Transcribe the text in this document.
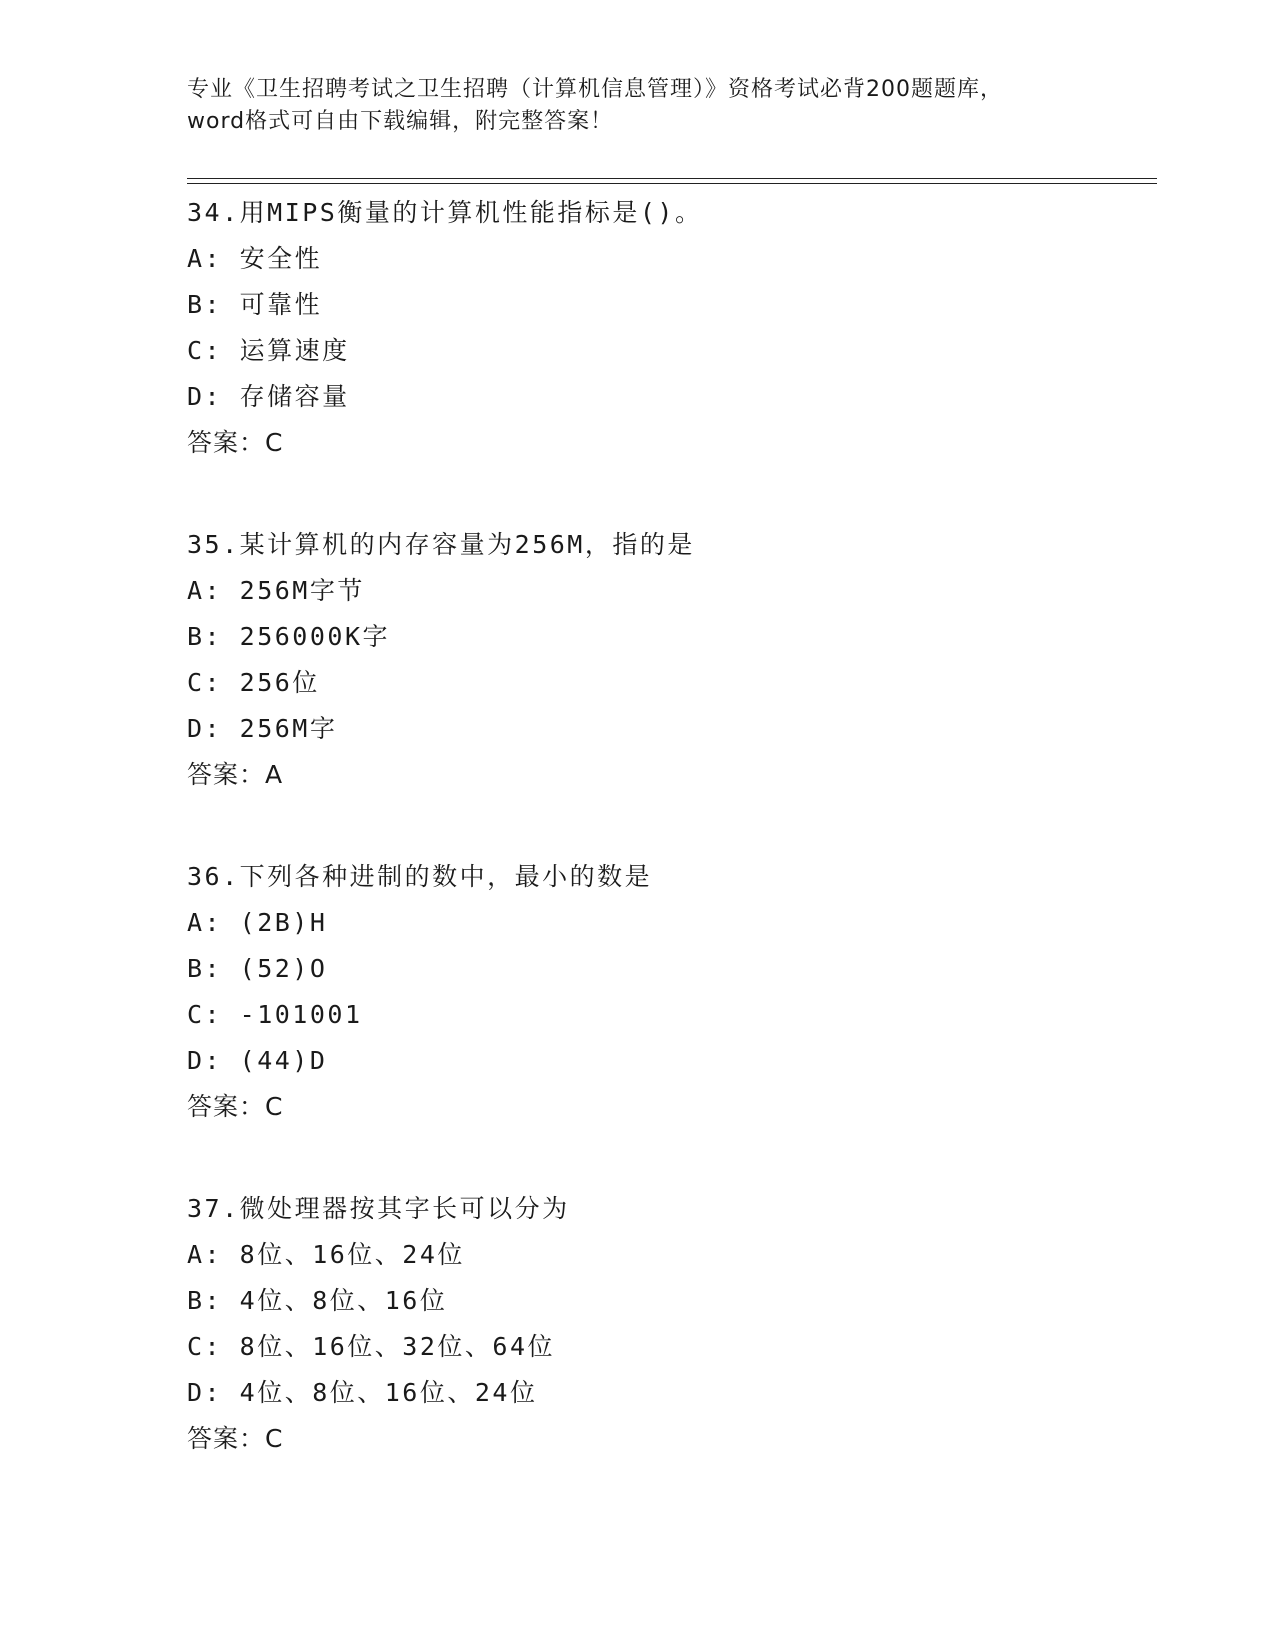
专业《卫生招聘考试之卫生招聘（计算机信息管理）》资格考试必背200题题库，
word格式可自由下载编辑，附完整答案！
34.用MIPS衡量的计算机性能指标是()。
A: 安全性
B: 可靠性
C: 运算速度
D: 存储容量
答案：C
35.某计算机的内存容量为256M，指的是
A: 256M字节
B: 256000K字
C: 256位
D: 256M字
答案：A
36.下列各种进制的数中，最小的数是
A: (2B)H
B: (52)O
C: -101001
D: (44)D
答案：C
37.微处理器按其字长可以分为
A: 8位、16位、24位
B: 4位、8位、16位
C: 8位、16位、32位、64位
D: 4位、8位、16位、24位
答案：C
